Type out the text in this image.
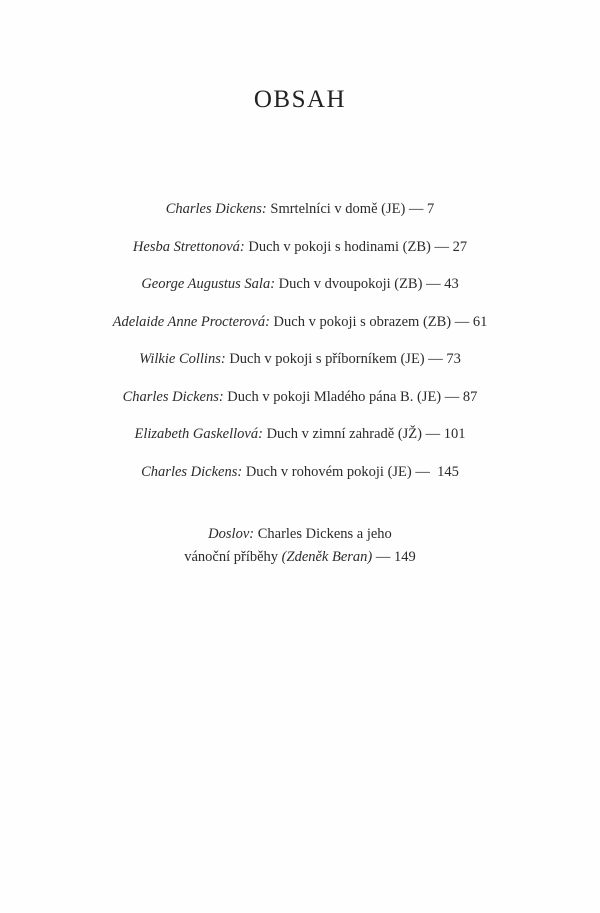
OBSAH
Charles Dickens: Smrtelníci v domě (JE) — 7
Hesba Strettonová: Duch v pokoji s hodinami (ZB) — 27
George Augustus Sala: Duch v dvoupokoji (ZB) — 43
Adelaide Anne Procterová: Duch v pokoji s obrazem (ZB) — 61
Wilkie Collins: Duch v pokoji s příborníkem (JE) — 73
Charles Dickens: Duch v pokoji Mladého pána B. (JE) — 87
Elizabeth Gaskellová: Duch v zimní zahradě (JŽ) — 101
Charles Dickens: Duch v rohovém pokoji (JE) — 145
Doslov: Charles Dickens a jeho
vánoční příběhy (Zdeněk Beran) — 149
